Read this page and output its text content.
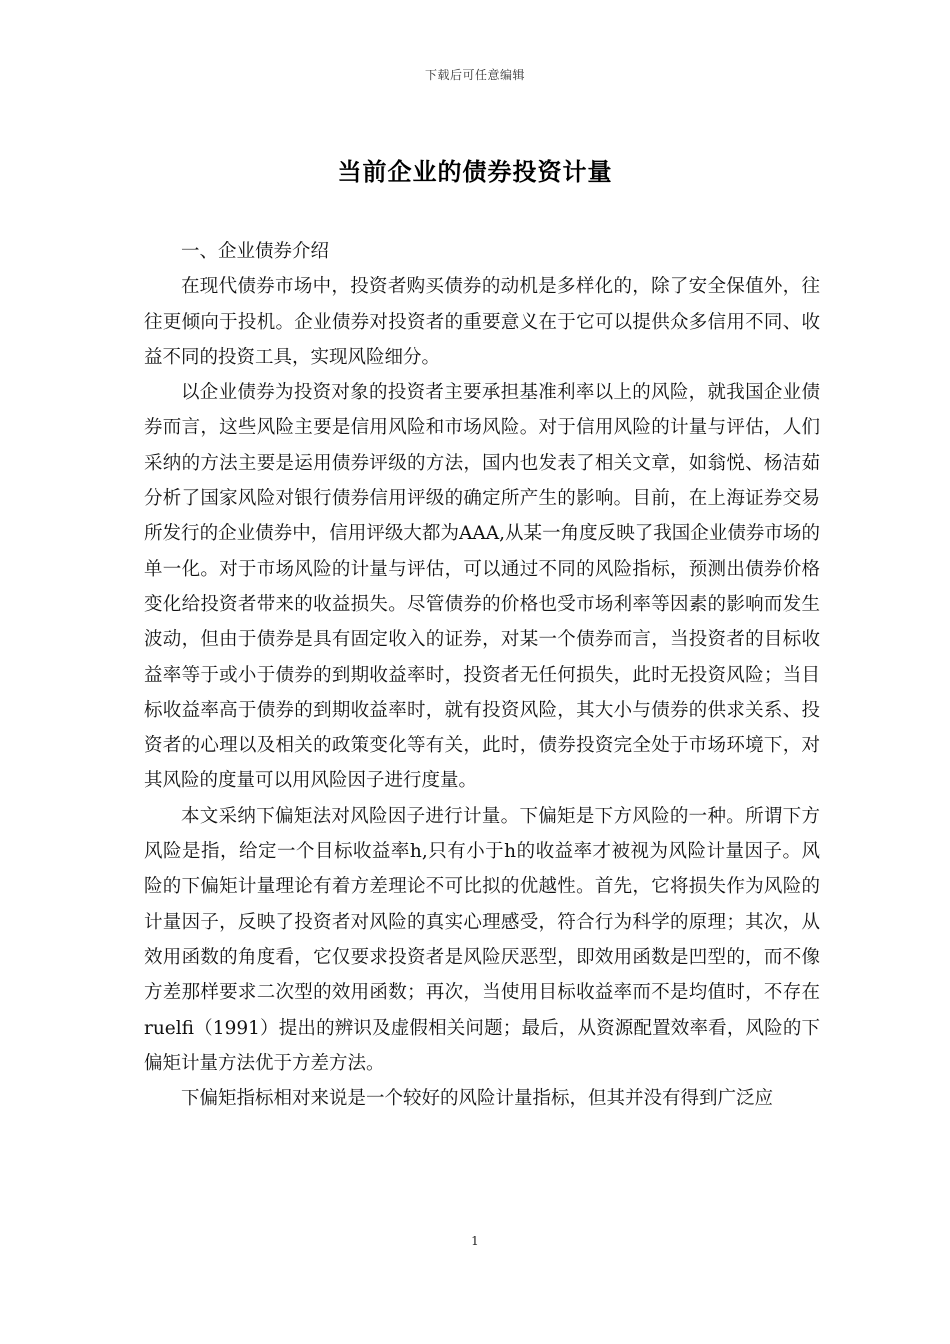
下载后可任意编辑
当前企业的债券投资计量

一、企业债券介绍

在现代债券市场中，投资者购买债券的动机是多样化的，除了安全保值外，往往更倾向于投机。企业债券对投资者的重要意义在于它可以提供众多信用不同、收益不同的投资工具，实现风险细分。

以企业债券为投资对象的投资者主要承担基准利率以上的风险，就我国企业债券而言，这些风险主要是信用风险和市场风险。对于信用风险的计量与评估，人们采纳的方法主要是运用债券评级的方法，国内也发表了相关文章，如翁悦、杨洁茹分析了国家风险对银行债券信用评级的确定所产生的影响。目前，在上海证券交易所发行的企业债券中，信用评级大都为AAA,从某一角度反映了我国企业债券市场的单一化。对于市场风险的计量与评估，可以通过不同的风险指标，预测出债券价格变化给投资者带来的收益损失。尽管债券的价格也受市场利率等因素的影响而发生波动，但由于债券是具有固定收入的证券，对某一个债券而言，当投资者的目标收益率等于或小于债券的到期收益率时，投资者无任何损失，此时无投资风险；当目标收益率高于债券的到期收益率时，就有投资风险，其大小与债券的供求关系、投资者的心理以及相关的政策变化等有关，此时，债券投资完全处于市场环境下，对其风险的度量可以用风险因子进行度量。

本文采纳下偏矩法对风险因子进行计量。下偏矩是下方风险的一种。所谓下方风险是指，给定一个目标收益率h,只有小于h的收益率才被视为风险计量因子。风险的下偏矩计量理论有着方差理论不可比拟的优越性。首先，它将损失作为风险的计量因子，反映了投资者对风险的真实心理感受，符合行为科学的原理；其次，从效用函数的角度看，它仅要求投资者是风险厌恶型，即效用函数是凹型的，而不像方差那样要求二次型的效用函数；再次，当使用目标收益率而不是均值时，不存在ruelfi（1991）提出的辨识及虚假相关问题；最后，从资源配置效率看，风险的下偏矩计量方法优于方差方法。

下偏矩指标相对来说是一个较好的风险计量指标，但其并没有得到广泛应

1
